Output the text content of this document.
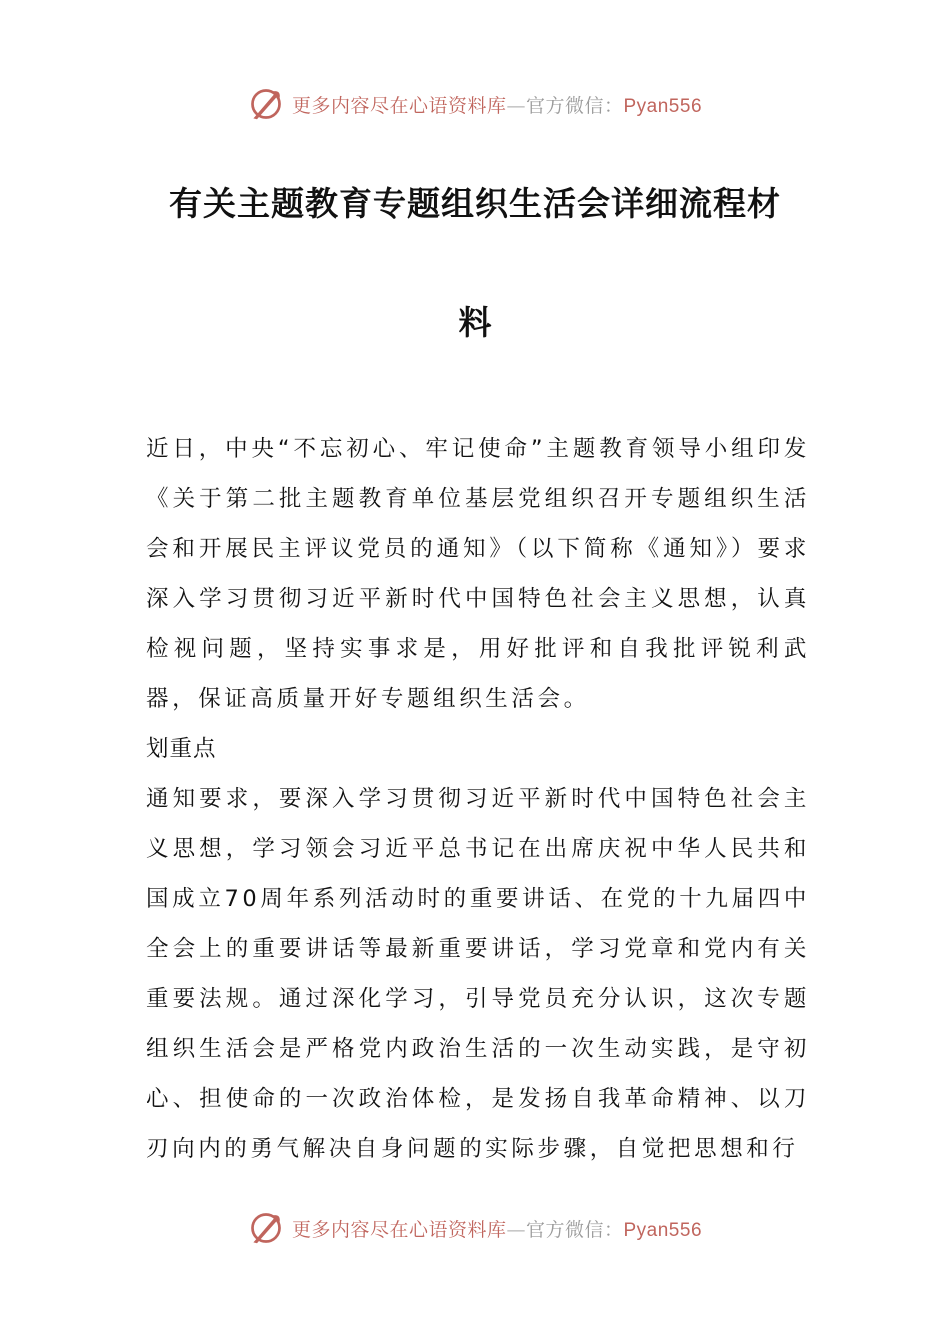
更多内容尽在心语资料库—官方微信：Pyan556
有关主题教育专题组织生活会详细流程材
料

近日，中央“不忘初心、牢记使命”主题教育领导小组印发《关于第二批主题教育单位基层党组织召开专题组织生活会和开展民主评议党员的通知》（以下简称《通知》）要求深入学习贯彻习近平新时代中国特色社会主义思想，认真检视问题，坚持实事求是，用好批评和自我批评锐利武器，保证高质量开好专题组织生活会。

划重点

通知要求，要深入学习贯彻习近平新时代中国特色社会主义思想，学习领会习近平总书记在出席庆祝中华人民共和国成立70周年系列活动时的重要讲话、在党的十九届四中全会上的重要讲话等最新重要讲话，学习党章和党内有关重要法规。通过深化学习，引导党员充分认识，这次专题组织生活会是严格党内政治生活的一次生动实践，是守初心、担使命的一次政治体检，是发扬自我革命精神、以刀刃向内的勇气解决自身问题的实际步骤，自觉把思想和行

更多内容尽在心语资料库—官方微信：Pyan556
